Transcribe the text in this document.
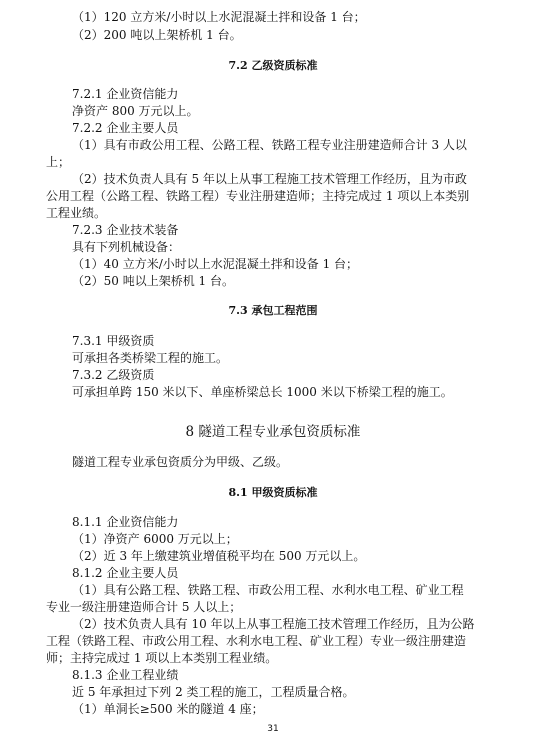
（1）120 立方米/小时以上水泥混凝土拌和设备 1 台；
（2）200 吨以上架桥机 1 台。
7.2 乙级资质标准
7.2.1 企业资信能力
净资产 800 万元以上。
7.2.2 企业主要人员
（1）具有市政公用工程、公路工程、铁路工程专业注册建造师合计 3 人以
上；
（2）技术负责人具有 5 年以上从事工程施工技术管理工作经历，且为市政
公用工程（公路工程、铁路工程）专业注册建造师；主持完成过 1 项以上本类别
工程业绩。
7.2.3 企业技术装备
具有下列机械设备：
（1）40 立方米/小时以上水泥混凝土拌和设备 1 台；
（2）50 吨以上架桥机 1 台。
7.3 承包工程范围
7.3.1 甲级资质
可承担各类桥梁工程的施工。
7.3.2 乙级资质
可承担单跨 150 米以下、单座桥梁总长 1000 米以下桥梁工程的施工。
8 隧道工程专业承包资质标准
隧道工程专业承包资质分为甲级、乙级。
8.1 甲级资质标准
8.1.1 企业资信能力
（1）净资产 6000 万元以上；
（2）近 3 年上缴建筑业增值税平均在 500 万元以上。
8.1.2 企业主要人员
（1）具有公路工程、铁路工程、市政公用工程、水利水电工程、矿业工程
专业一级注册建造师合计 5 人以上；
（2）技术负责人具有 10 年以上从事工程施工技术管理工作经历，且为公路
工程（铁路工程、市政公用工程、水利水电工程、矿业工程）专业一级注册建造
师；主持完成过 1 项以上本类别工程业绩。
8.1.3 企业工程业绩
近 5 年承担过下列 2 类工程的施工，工程质量合格。
（1）单洞长≥500 米的隧道 4 座；
31
